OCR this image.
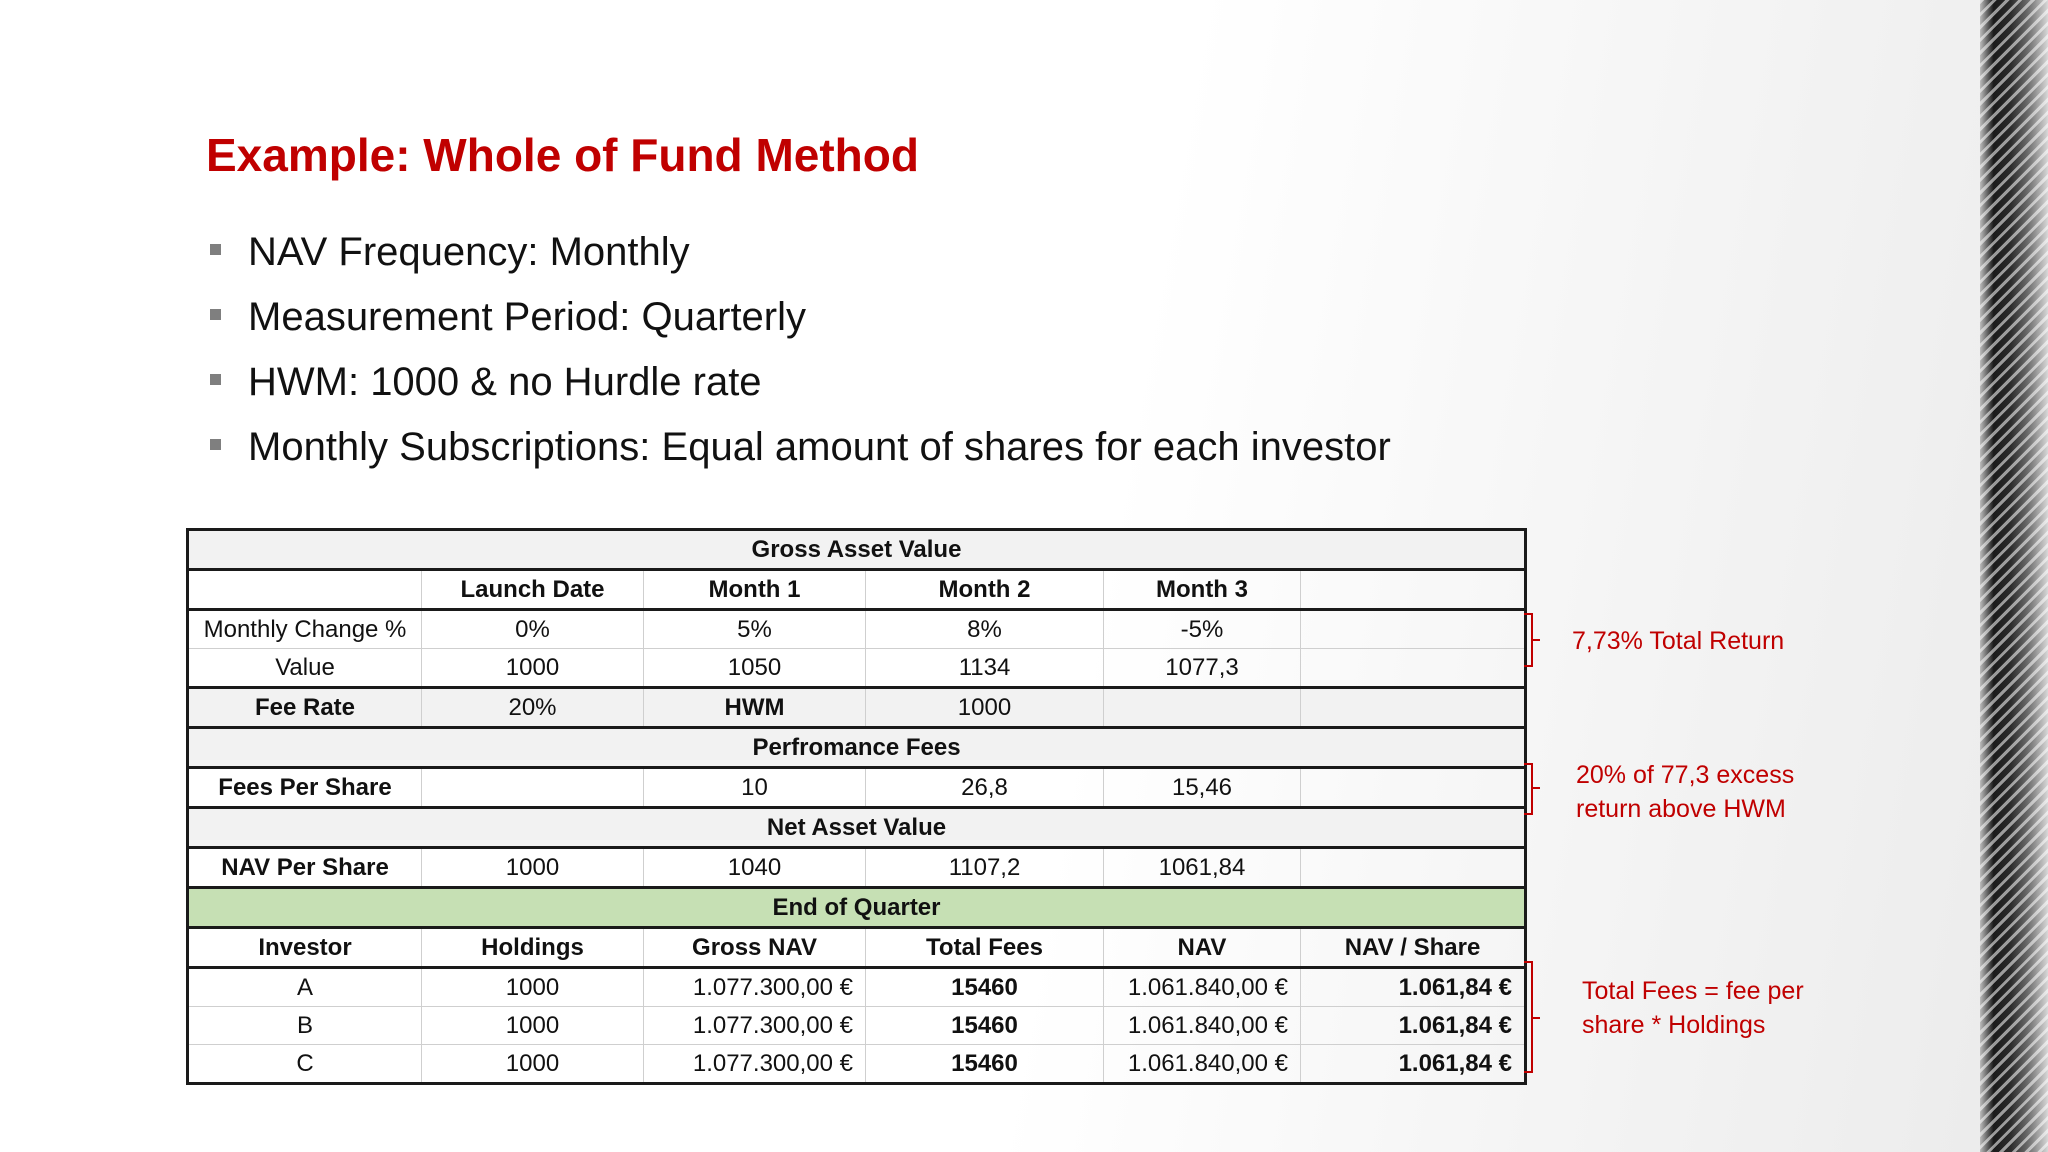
Example: Whole of Fund Method
NAV Frequency: Monthly
Measurement Period: Quarterly
HWM: 1000 & no Hurdle rate
Monthly Subscriptions: Equal amount of shares for each investor
Gross Asset Value					
	Launch Date	Month 1	Month 2	Month 3	
Monthly Change %	0%	5%	8%	-5%	
Value	1000	1050	1134	1077,3	
Fee Rate	20%	HWM	1000		
Perfromance Fees					
Fees Per Share		10	26,8	15,46	
Net Asset Value					
NAV Per Share	1000	1040	1107,2	1061,84	
End of Quarter					
Investor	Holdings	Gross NAV	Total Fees	NAV	NAV / Share
A	1000	1.077.300,00 €	15460	1.061.840,00 €	1.061,84 €
B	1000	1.077.300,00 €	15460	1.061.840,00 €	1.061,84 €
C	1000	1.077.300,00 €	15460	1.061.840,00 €	1.061,84 €
7,73% Total Return
20% of 77,3 excess
return above HWM
Total Fees = fee per
share * Holdings
